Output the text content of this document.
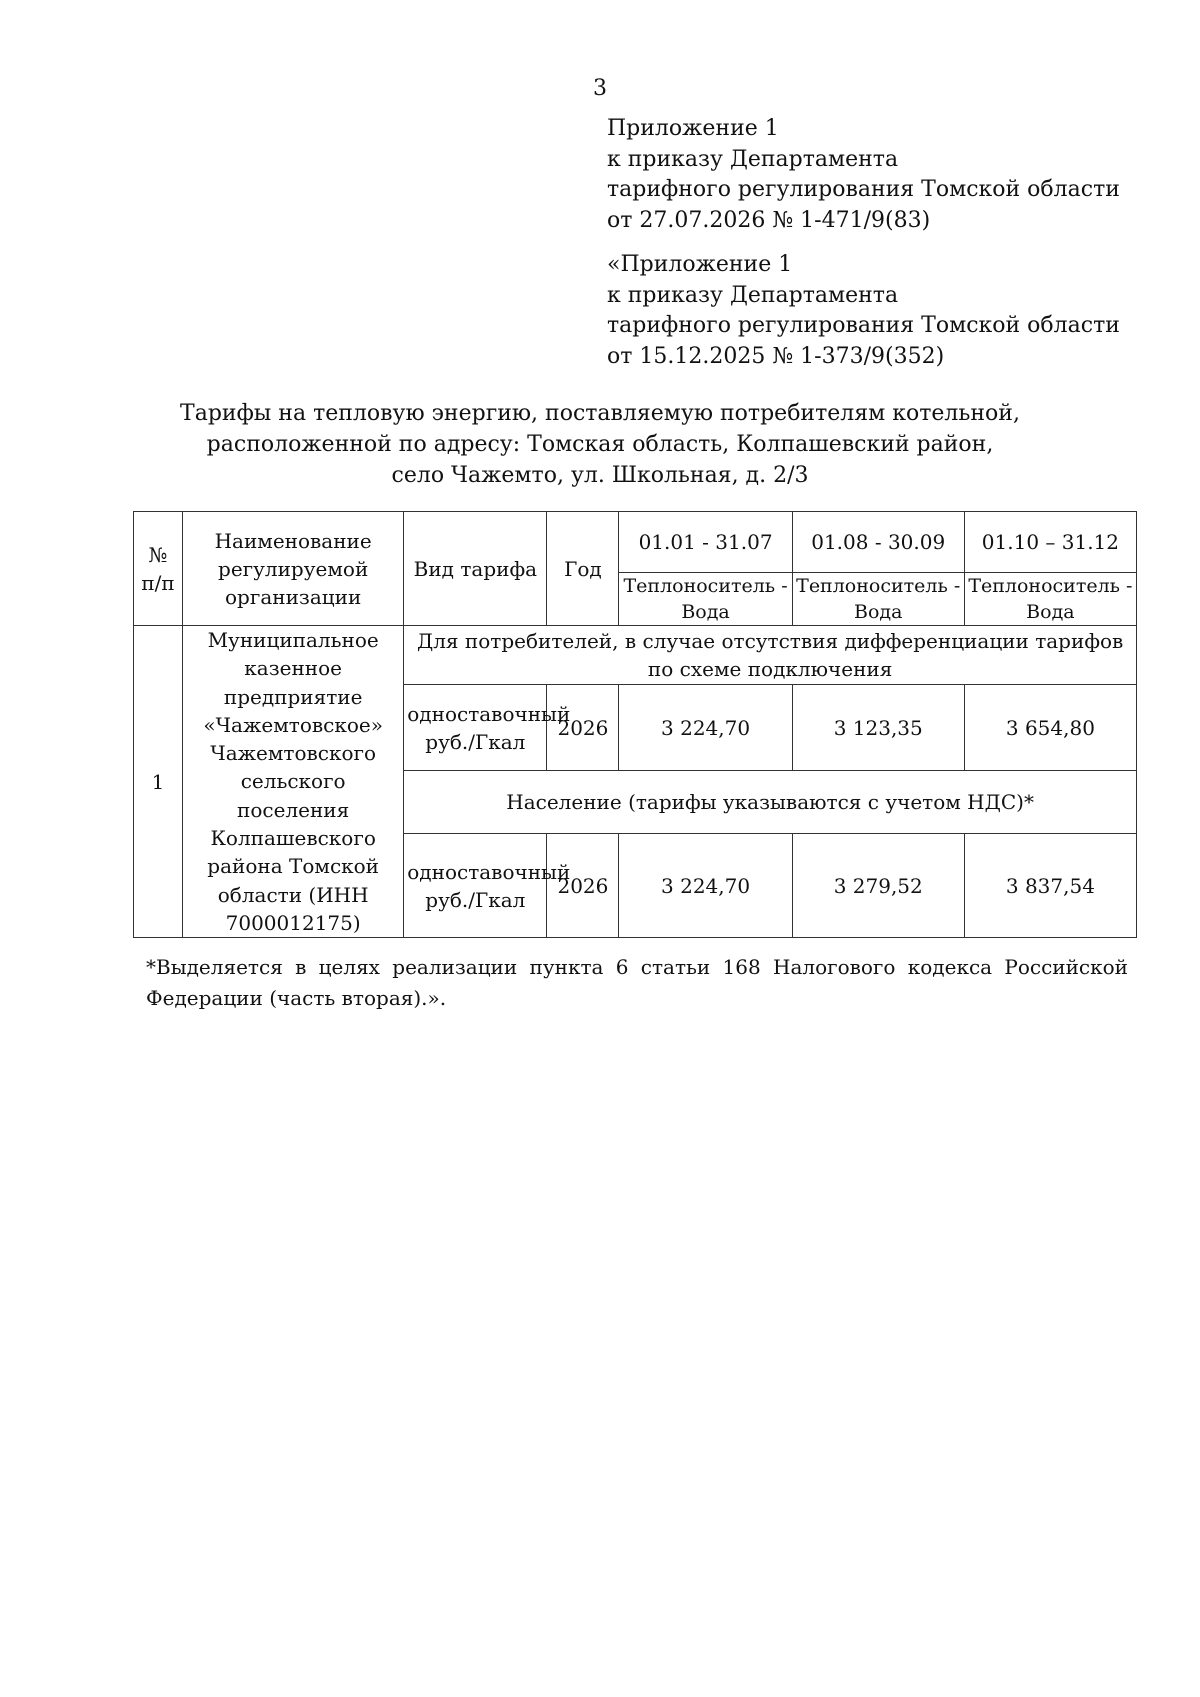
3
Приложение 1
к приказу Департамента
тарифного регулирования Томской области
от 27.07.2026 № 1-471/9(83)
«Приложение 1
к приказу Департамента
тарифного регулирования Томской области
от 15.12.2025 № 1-373/9(352)
Тарифы на тепловую энергию, поставляемую потребителям котельной,
расположенной по адресу: Томская область, Колпашевский район,
село Чажемто, ул. Школьная, д. 2/3
№ п/п	Наименование регулируемой организации	Вид тарифа	Год	01.01 - 31.07	01.08 - 30.09	01.10 – 31.12
				Теплоноситель - Вода	Теплоноситель - Вода	Теплоноситель - Вода
1	Муниципальное казенное предприятие «Чажемтовское» Чажемтовского сельского поселения Колпашевского района Томской области (ИНН 7000012175)	Для потребителей, в случае отсутствия дифференциации тарифов по схеме подключения				
		одноставочный руб./Гкал	2026	3 224,70	3 123,35	3 654,80
		Население (тарифы указываются с учетом НДС)*				
		одноставочный руб./Гкал	2026	3 224,70	3 279,52	3 837,54
*Выделяется в целях реализации пункта 6 статьи 168 Налогового кодекса Российской Федерации (часть вторая).».
